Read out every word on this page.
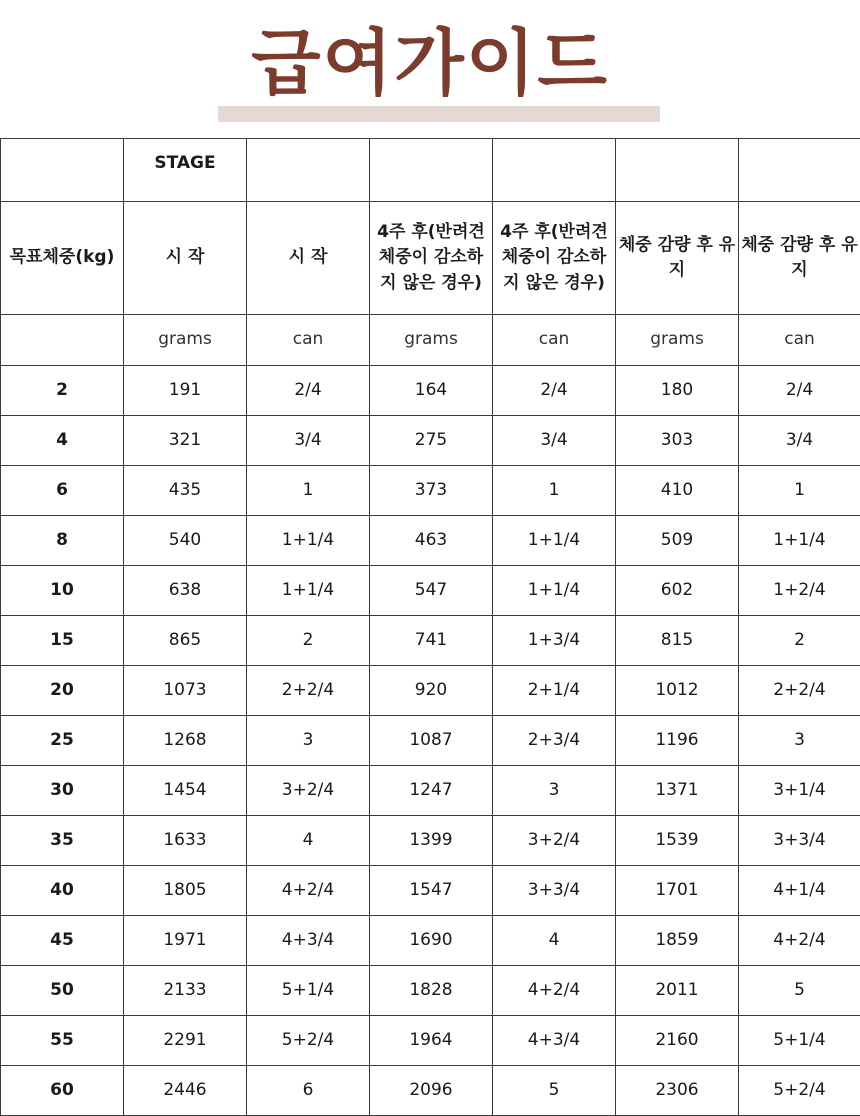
급여가이드
	STAGE					
목표체중(kg)	시 작	시 작	4주 후(반려견 체중이 감소하지 않은 경우)	4주 후(반려견 체중이 감소하지 않은 경우)	체중 감량 후 유지	체중 감량 후 유지
	grams	can	grams	can	grams	can
2	191	2/4	164	2/4	180	2/4
4	321	3/4	275	3/4	303	3/4
6	435	1	373	1	410	1
8	540	1+1/4	463	1+1/4	509	1+1/4
10	638	1+1/4	547	1+1/4	602	1+2/4
15	865	2	741	1+3/4	815	2
20	1073	2+2/4	920	2+1/4	1012	2+2/4
25	1268	3	1087	2+3/4	1196	3
30	1454	3+2/4	1247	3	1371	3+1/4
35	1633	4	1399	3+2/4	1539	3+3/4
40	1805	4+2/4	1547	3+3/4	1701	4+1/4
45	1971	4+3/4	1690	4	1859	4+2/4
50	2133	5+1/4	1828	4+2/4	2011	5
55	2291	5+2/4	1964	4+3/4	2160	5+1/4
60	2446	6	2096	5	2306	5+2/4
